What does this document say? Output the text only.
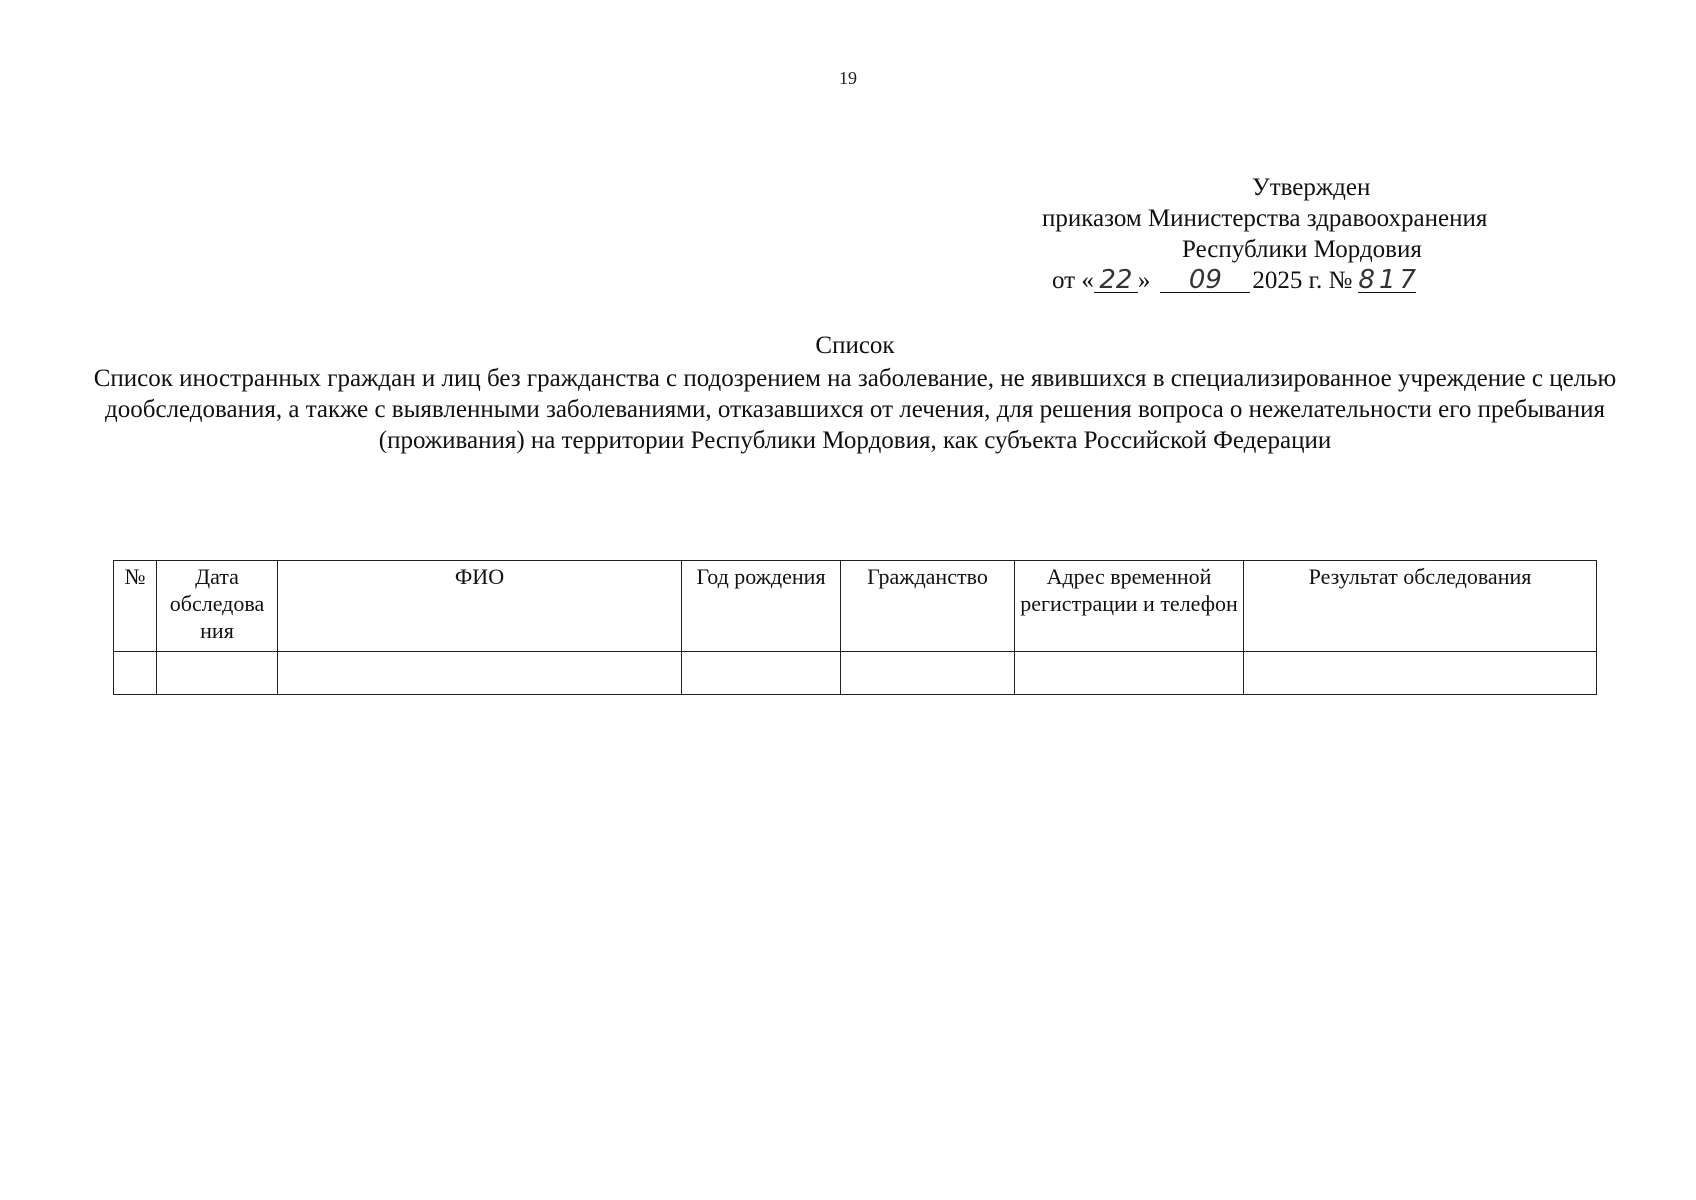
19
Утвержден
приказом Министерства здравоохранения
Республики Мордовия
от « 22 » 09 2025 г. № 817
Список
Список иностранных граждан и лиц без гражданства с подозрением на заболевание, не явившихся в специализированное учреждение с целью дообследования, а также с выявленными заболеваниями, отказавшихся от лечения, для решения вопроса о нежелательности его пребывания (проживания) на территории Республики Мордовия, как субъекта Российской Федерации
№	Дата обследова ния	ФИО	Год рождения	Гражданство	Адрес временной регистрации и телефон	Результат обследования
